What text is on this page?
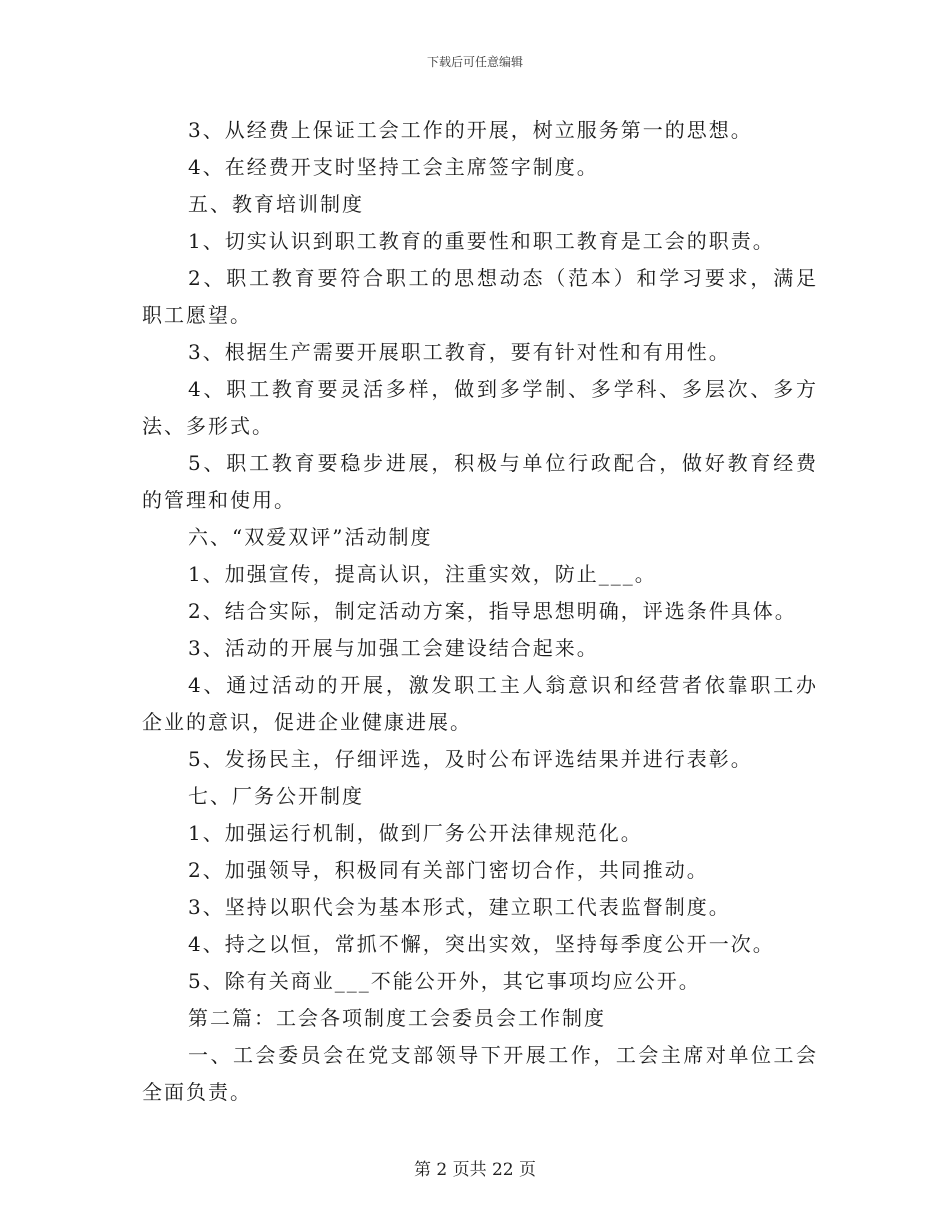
下载后可任意编辑

3、从经费上保证工会工作的开展，树立服务第一的思想。

4、在经费开支时坚持工会主席签字制度。

五、教育培训制度

1、切实认识到职工教育的重要性和职工教育是工会的职责。

2、职工教育要符合职工的思想动态（范本）和学习要求，满足职工愿望。

3、根据生产需要开展职工教育，要有针对性和有用性。

4、职工教育要灵活多样，做到多学制、多学科、多层次、多方法、多形式。

5、职工教育要稳步进展，积极与单位行政配合，做好教育经费的管理和使用。

六、“双爱双评”活动制度

1、加强宣传，提高认识，注重实效，防止___。

2、结合实际，制定活动方案，指导思想明确，评选条件具体。

3、活动的开展与加强工会建设结合起来。

4、通过活动的开展，激发职工主人翁意识和经营者依靠职工办企业的意识，促进企业健康进展。

5、发扬民主，仔细评选，及时公布评选结果并进行表彰。

七、厂务公开制度

1、加强运行机制，做到厂务公开法律规范化。

2、加强领导，积极同有关部门密切合作，共同推动。

3、坚持以职代会为基本形式，建立职工代表监督制度。

4、持之以恒，常抓不懈，突出实效，坚持每季度公开一次。

5、除有关商业___不能公开外，其它事项均应公开。

第二篇：工会各项制度工会委员会工作制度

一、工会委员会在党支部领导下开展工作，工会主席对单位工会全面负责。

第 2 页共 22 页
